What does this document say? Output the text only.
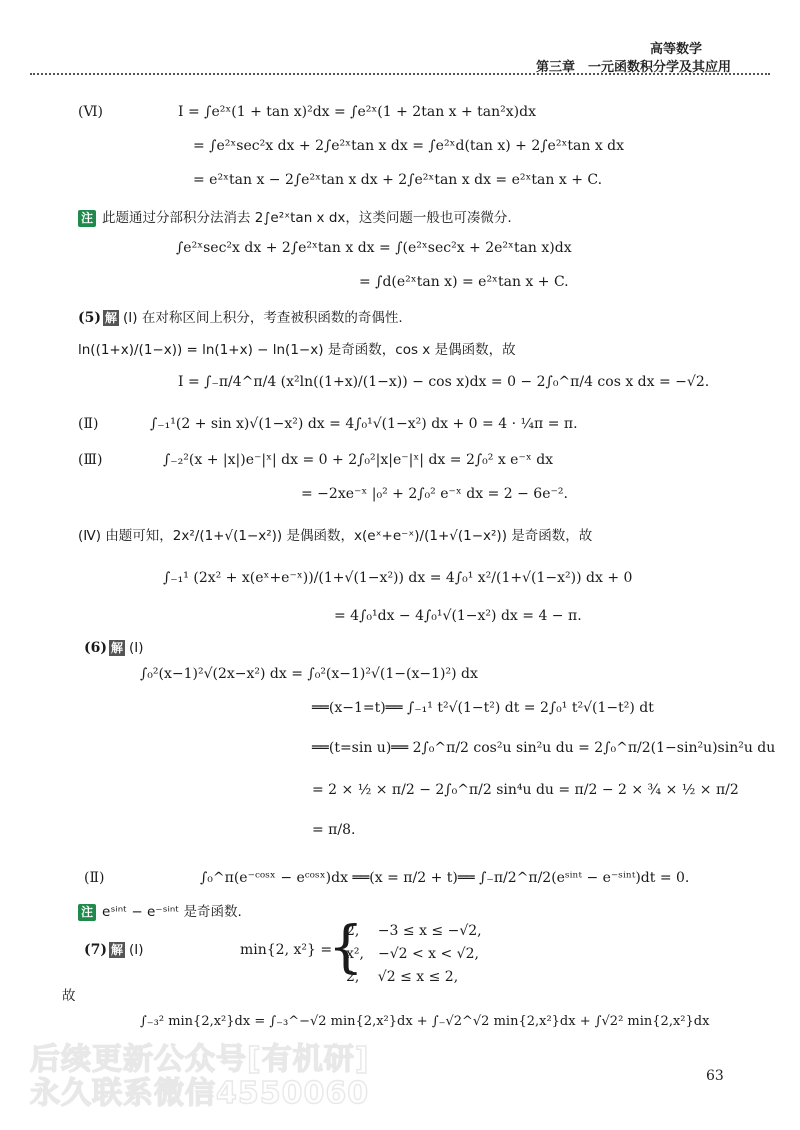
高等数学
第三章　一元函数积分学及其应用
(Ⅵ)	I = ∫e²ˣ(1 + tan x)²dx = ∫e²ˣ(1 + 2tan x + tan²x)dx
= ∫e²ˣsec²x dx + 2∫e²ˣtan x dx = ∫e²ˣd(tan x) + 2∫e²ˣtan x dx
= e²ˣtan x − 2∫e²ˣtan x dx + 2∫e²ˣtan x dx = e²ˣtan x + C.
注 此题通过分部积分法消去 2∫e²ˣtan x dx，这类问题一般也可凑微分.
∫e²ˣsec²x dx + 2∫e²ˣtan x dx = ∫(e²ˣsec²x + 2e²ˣtan x)dx
= ∫d(e²ˣtan x) = e²ˣtan x + C.
(5) 解 (Ⅰ) 在对称区间上积分，考查被积函数的奇偶性.
ln((1+x)/(1−x)) = ln(1+x) − ln(1−x) 是奇函数，cos x 是偶函数，故
I = ∫₋π/4^π/4 (x²ln((1+x)/(1−x)) − cos x)dx = 0 − 2∫₀^π/4 cos x dx = −√2.
(Ⅱ)	∫₋₁¹(2 + sin x)√(1−x²) dx = 4∫₀¹√(1−x²) dx + 0 = 4 · ¼π = π.
(Ⅲ)	∫₋₂²(x + |x|)e⁻|ˣ| dx = 0 + 2∫₀²|x|e⁻|ˣ| dx = 2∫₀² x e⁻ˣ dx
= −2xe⁻ˣ |₀² + 2∫₀² e⁻ˣ dx = 2 − 6e⁻².
(Ⅳ) 由题可知，2x²/(1+√(1−x²)) 是偶函数，x(eˣ+e⁻ˣ)/(1+√(1−x²)) 是奇函数，故
∫₋₁¹ (2x² + x(eˣ+e⁻ˣ))/(1+√(1−x²)) dx = 4∫₀¹ x²/(1+√(1−x²)) dx + 0
= 4∫₀¹dx − 4∫₀¹√(1−x²) dx = 4 − π.
(6) 解 (Ⅰ)
∫₀²(x−1)²√(2x−x²) dx = ∫₀²(x−1)²√(1−(x−1)²) dx
══(x−1=t)══ ∫₋₁¹ t²√(1−t²) dt = 2∫₀¹ t²√(1−t²) dt
══(t=sin u)══ 2∫₀^π/2 cos²u sin²u du = 2∫₀^π/2(1−sin²u)sin²u du
= 2 × ½ × π/2 − 2∫₀^π/2 sin⁴u du = π/2 − 2 × ¾ × ½ × π/2
= π/8.
(Ⅱ)	∫₀^π(e⁻ᶜᵒˢˣ − eᶜᵒˢˣ)dx ══(x = π/2 + t)══ ∫₋π/2^π/2(eˢⁱⁿᵗ − e⁻ˢⁱⁿᵗ)dt = 0.
注 eˢⁱⁿᵗ − e⁻ˢⁱⁿᵗ 是奇函数.
(7) 解 (Ⅰ)	min{2, x²} =
{
2,　 −3 ≤ x ≤ −√2,
x²,　−√2 < x < √2,
2,　 √2 ≤ x ≤ 2,
故
∫₋₃² min{2,x²}dx = ∫₋₃^−√2 min{2,x²}dx + ∫₋√2^√2 min{2,x²}dx + ∫√2² min{2,x²}dx
后续更新公众号[有机研]
永久联系微信4550060	63
